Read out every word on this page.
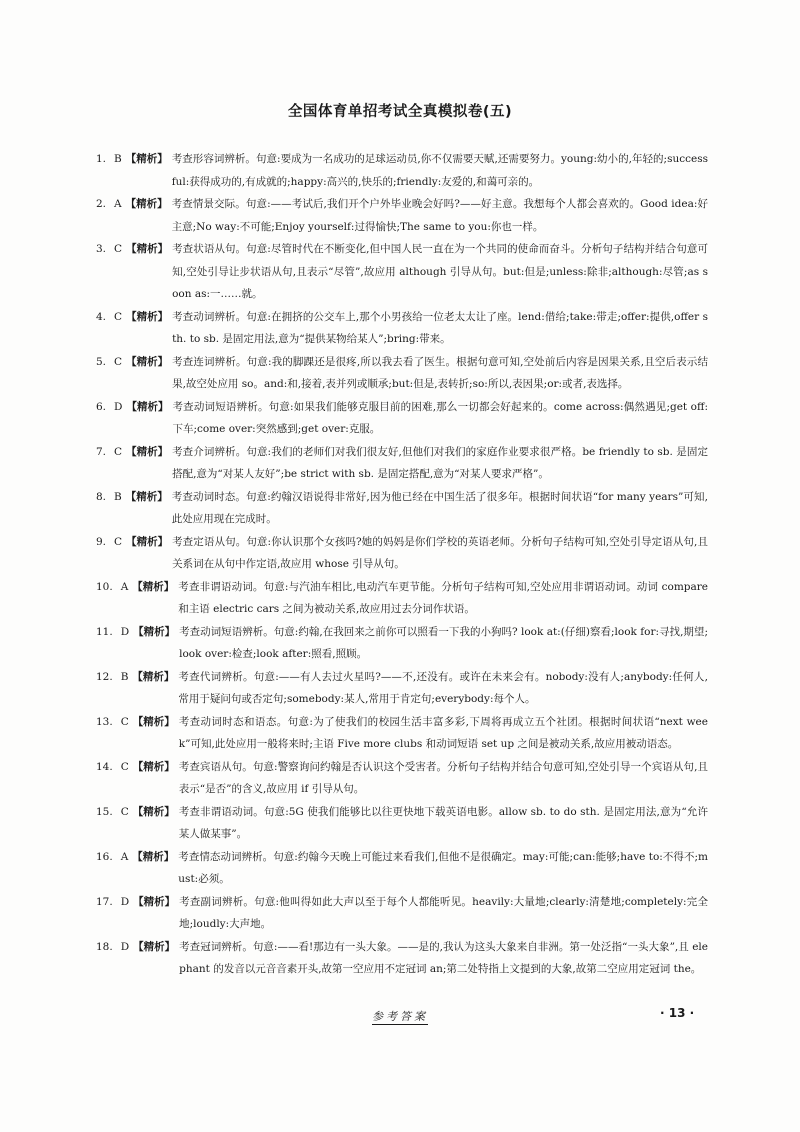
全国体育单招考试全真模拟卷(五)
1. B 【精析】 考查形容词辨析。句意:要成为一名成功的足球运动员,你不仅需要天赋,还需要努力。young:幼小的,年轻的;successful:获得成功的,有成就的;happy:高兴的,快乐的;friendly:友爱的,和蔼可亲的。
2. A 【精析】 考查情景交际。句意:——考试后,我们开个户外毕业晚会好吗?——好主意。我想每个人都会喜欢的。Good idea:好主意;No way:不可能;Enjoy yourself:过得愉快;The same to you:你也一样。
3. C 【精析】 考查状语从句。句意:尽管时代在不断变化,但中国人民一直在为一个共同的使命而奋斗。分析句子结构并结合句意可知,空处引导让步状语从句,且表示“尽管”,故应用 although 引导从句。but:但是;unless:除非;although:尽管;as soon as:一……就。
4. C 【精析】 考查动词辨析。句意:在拥挤的公交车上,那个小男孩给一位老太太让了座。lend:借给;take:带走;offer:提供,offer sth. to sb. 是固定用法,意为“提供某物给某人”;bring:带来。
5. C 【精析】 考查连词辨析。句意:我的脚踝还是很疼,所以我去看了医生。根据句意可知,空处前后内容是因果关系,且空后表示结果,故空处应用 so。and:和,接着,表并列或顺承;but:但是,表转折;so:所以,表因果;or:或者,表选择。
6. D 【精析】 考查动词短语辨析。句意:如果我们能够克服目前的困难,那么一切都会好起来的。come across:偶然遇见;get off:下车;come over:突然感到;get over:克服。
7. C 【精析】 考查介词辨析。句意:我们的老师们对我们很友好,但他们对我们的家庭作业要求很严格。be friendly to sb. 是固定搭配,意为“对某人友好”;be strict with sb. 是固定搭配,意为“对某人要求严格”。
8. B 【精析】 考查动词时态。句意:约翰汉语说得非常好,因为他已经在中国生活了很多年。根据时间状语“for many years”可知,此处应用现在完成时。
9. C 【精析】 考查定语从句。句意:你认识那个女孩吗?她的妈妈是你们学校的英语老师。分析句子结构可知,空处引导定语从句,且关系词在从句中作定语,故应用 whose 引导从句。
10. A 【精析】 考查非谓语动词。句意:与汽油车相比,电动汽车更节能。分析句子结构可知,空处应用非谓语动词。动词 compare 和主语 electric cars 之间为被动关系,故应用过去分词作状语。
11. D 【精析】 考查动词短语辨析。句意:约翰,在我回来之前你可以照看一下我的小狗吗? look at:(仔细)察看;look for:寻找,期望;look over:检查;look after:照看,照顾。
12. B 【精析】 考查代词辨析。句意:——有人去过火星吗?——不,还没有。或许在未来会有。nobody:没有人;anybody:任何人,常用于疑问句或否定句;somebody:某人,常用于肯定句;everybody:每个人。
13. C 【精析】 考查动词时态和语态。句意:为了使我们的校园生活丰富多彩,下周将再成立五个社团。根据时间状语“next week”可知,此处应用一般将来时;主语 Five more clubs 和动词短语 set up 之间是被动关系,故应用被动语态。
14. C 【精析】 考查宾语从句。句意:警察询问约翰是否认识这个受害者。分析句子结构并结合句意可知,空处引导一个宾语从句,且表示“是否”的含义,故应用 if 引导从句。
15. C 【精析】 考查非谓语动词。句意:5G 使我们能够比以往更快地下载英语电影。allow sb. to do sth. 是固定用法,意为“允许某人做某事”。
16. A 【精析】 考查情态动词辨析。句意:约翰今天晚上可能过来看我们,但他不是很确定。may:可能;can:能够;have to:不得不;must:必须。
17. D 【精析】 考查副词辨析。句意:他叫得如此大声以至于每个人都能听见。heavily:大量地;clearly:清楚地;completely:完全地;loudly:大声地。
18. D 【精析】 考查冠词辨析。句意:——看!那边有一头大象。——是的,我认为这头大象来自非洲。第一处泛指“一头大象”,且 elephant 的发音以元音音素开头,故第一空应用不定冠词 an;第二处特指上文提到的大象,故第二空应用定冠词 the。
参考答案	· 13 ·
